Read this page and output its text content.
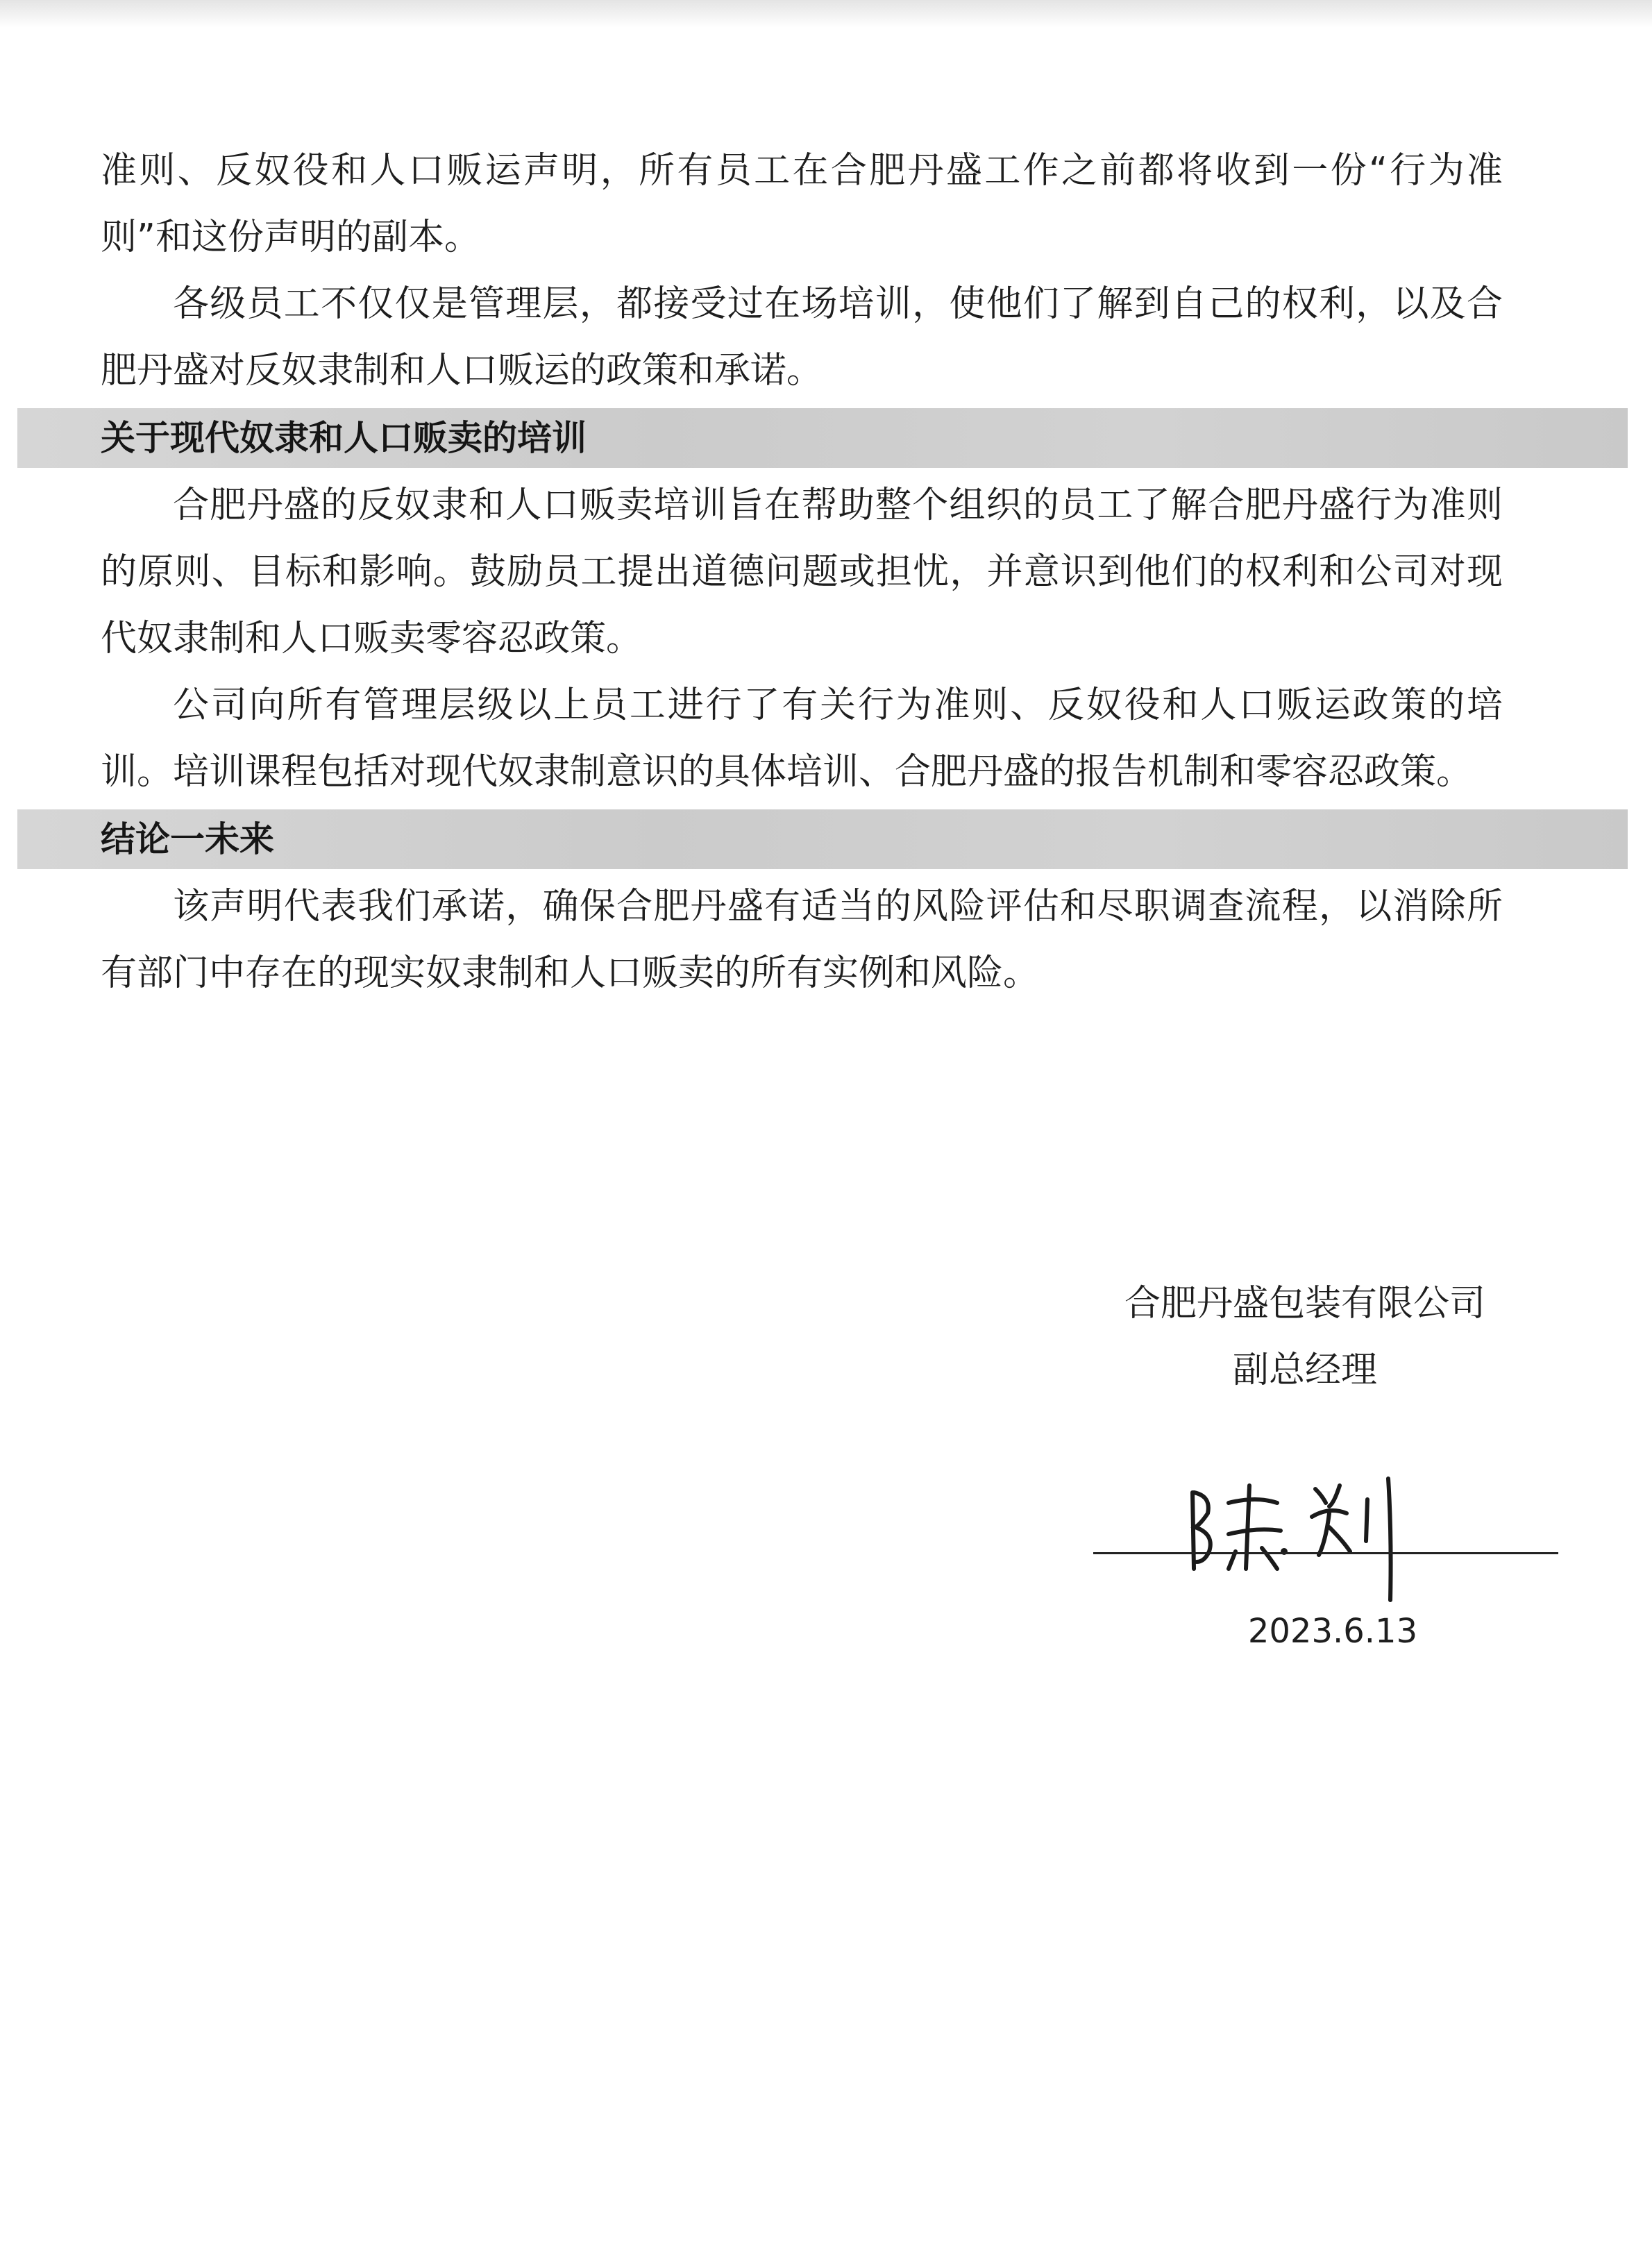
准则、反奴役和人口贩运声明，所有员工在合肥丹盛工作之前都将收到一份“行为准则”和这份声明的副本。

各级员工不仅仅是管理层，都接受过在场培训，使他们了解到自己的权利，以及合肥丹盛对反奴隶制和人口贩运的政策和承诺。

关于现代奴隶和人口贩卖的培训

合肥丹盛的反奴隶和人口贩卖培训旨在帮助整个组织的员工了解合肥丹盛行为准则的原则、目标和影响。鼓励员工提出道德问题或担忧，并意识到他们的权利和公司对现代奴隶制和人口贩卖零容忍政策。

公司向所有管理层级以上员工进行了有关行为准则、反奴役和人口贩运政策的培训。培训课程包括对现代奴隶制意识的具体培训、合肥丹盛的报告机制和零容忍政策。

结论一未来

该声明代表我们承诺，确保合肥丹盛有适当的风险评估和尽职调查流程，以消除所有部门中存在的现实奴隶制和人口贩卖的所有实例和风险。

合肥丹盛包装有限公司
副总经理
2023.6.13
